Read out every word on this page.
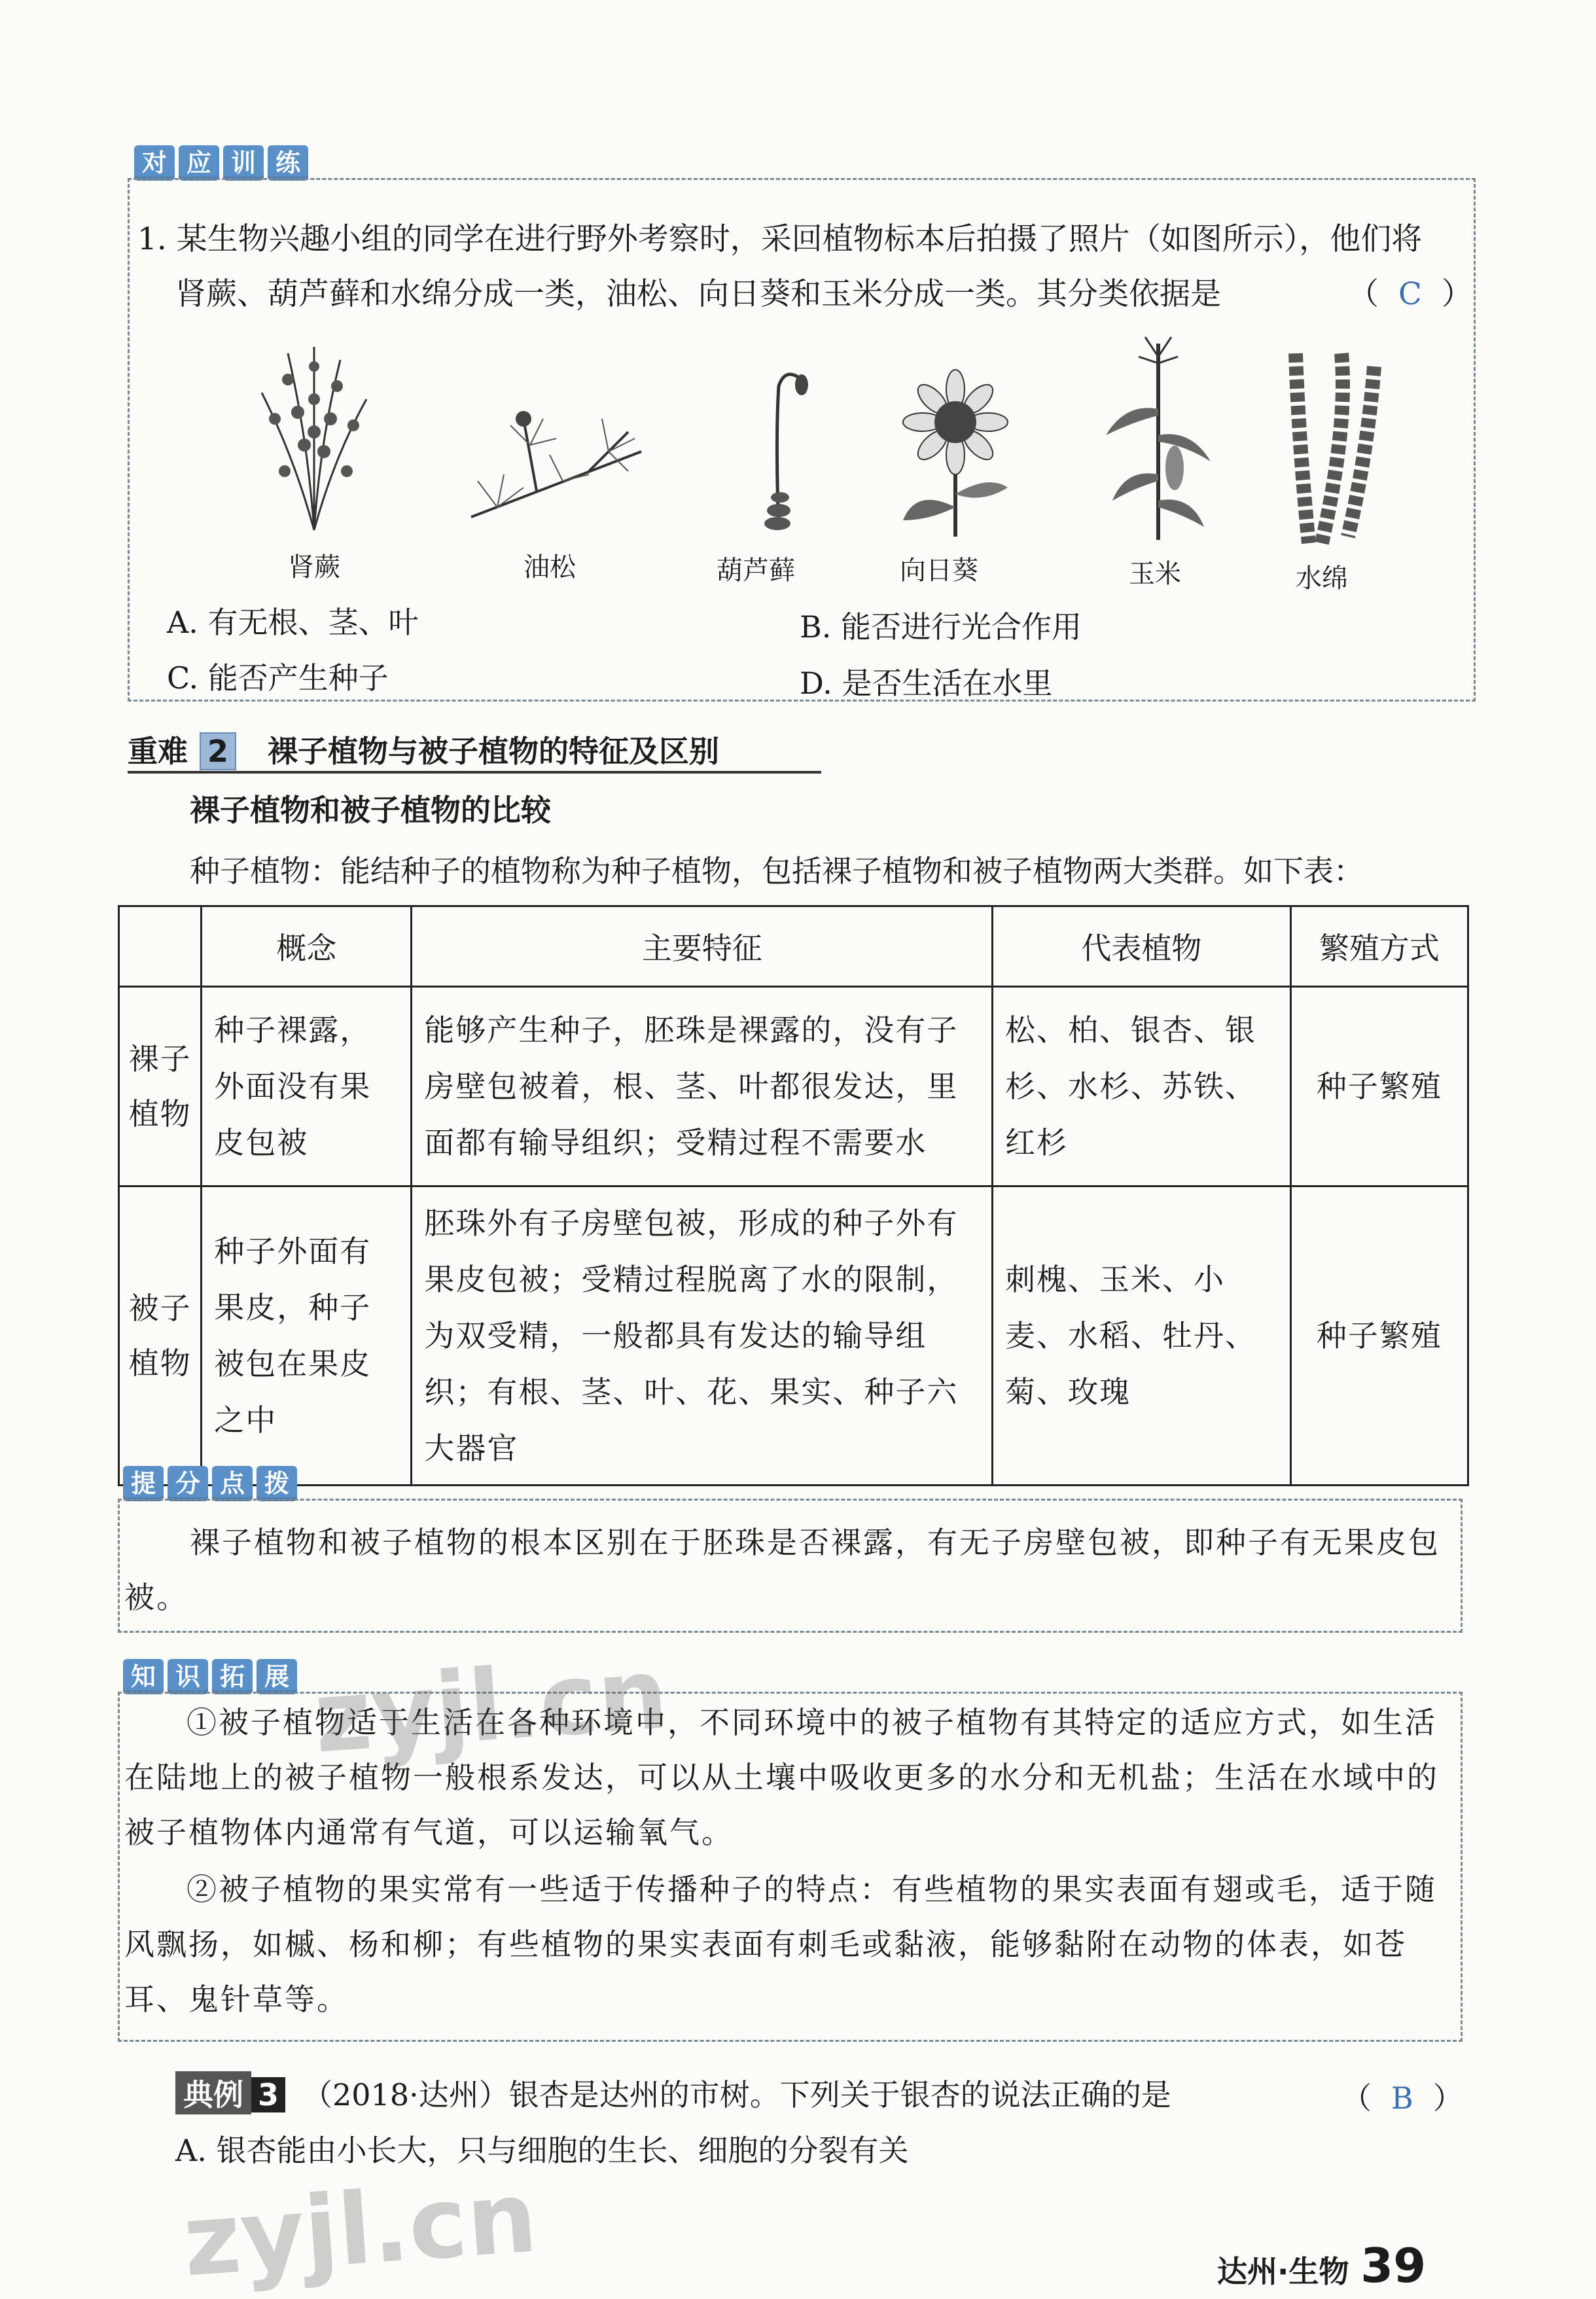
对 应 训 练
1. 某生物兴趣小组的同学在进行野外考察时，采回植物标本后拍摄了照片（如图所示），他们将
肾蕨、葫芦藓和水绵分成一类，油松、向日葵和玉米分成一类。其分类依据是	（ C ）
肾蕨	油松	葫芦藓	向日葵	玉米	水绵
A. 有无根、茎、叶	B. 能否进行光合作用
C. 能否产生种子	D. 是否生活在水里
重难 2 裸子植物与被子植物的特征及区别
裸子植物和被子植物的比较
种子植物：能结种子的植物称为种子植物，包括裸子植物和被子植物两大类群。如下表：
	概念	主要特征	代表植物	繁殖方式
裸子植物	种子裸露，外面没有果皮包被	能够产生种子，胚珠是裸露的，没有子房壁包被着，根、茎、叶都很发达，里面都有输导组织；受精过程不需要水	松、柏、银杏、银杉、水杉、苏铁、红杉	种子繁殖
被子植物	种子外面有果皮，种子被包在果皮之中	胚珠外有子房壁包被，形成的种子外有果皮包被；受精过程脱离了水的限制，为双受精，一般都具有发达的输导组织；有根、茎、叶、花、果实、种子六大器官	刺槐、玉米、小麦、水稻、牡丹、菊、玫瑰	种子繁殖
提 分 点 拨
裸子植物和被子植物的根本区别在于胚珠是否裸露，有无子房壁包被，即种子有无果皮包被。
知 识 拓 展
①被子植物适于生活在各种环境中，不同环境中的被子植物有其特定的适应方式，如生活在陆地上的被子植物一般根系发达，可以从土壤中吸收更多的水分和无机盐；生活在水域中的被子植物体内通常有气道，可以运输氧气。
②被子植物的果实常有一些适于传播种子的特点：有些植物的果实表面有翅或毛，适于随风飘扬，如槭、杨和柳；有些植物的果实表面有刺毛或黏液，能够黏附在动物的体表，如苍耳、鬼针草等。
典例 3 （2018·达州）银杏是达州的市树。下列关于银杏的说法正确的是	（ B ）
A. 银杏能由小长大，只与细胞的生长、细胞的分裂有关
达州·生物 39
zyjl.cn
zyjl.cn
